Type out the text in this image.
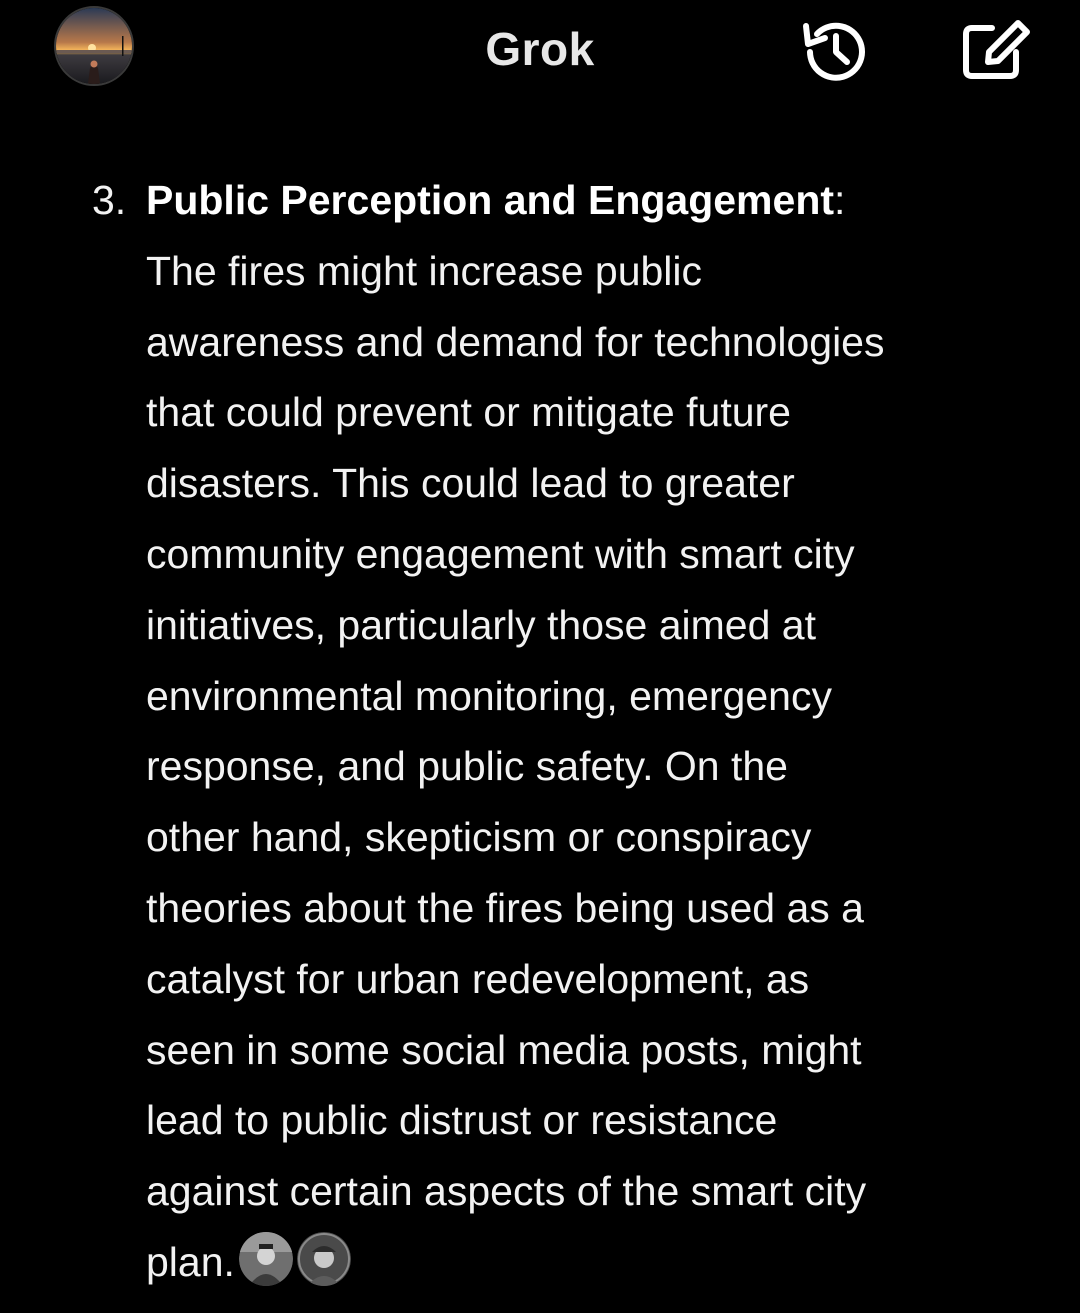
Grok
3. Public Perception and Engagement:
The fires might increase public
awareness and demand for technologies
that could prevent or mitigate future
disasters. This could lead to greater
community engagement with smart city
initiatives, particularly those aimed at
environmental monitoring, emergency
response, and public safety. On the
other hand, skepticism or conspiracy
theories about the fires being used as a
catalyst for urban redevelopment, as
seen in some social media posts, might
lead to public distrust or resistance
against certain aspects of the smart city
plan.
